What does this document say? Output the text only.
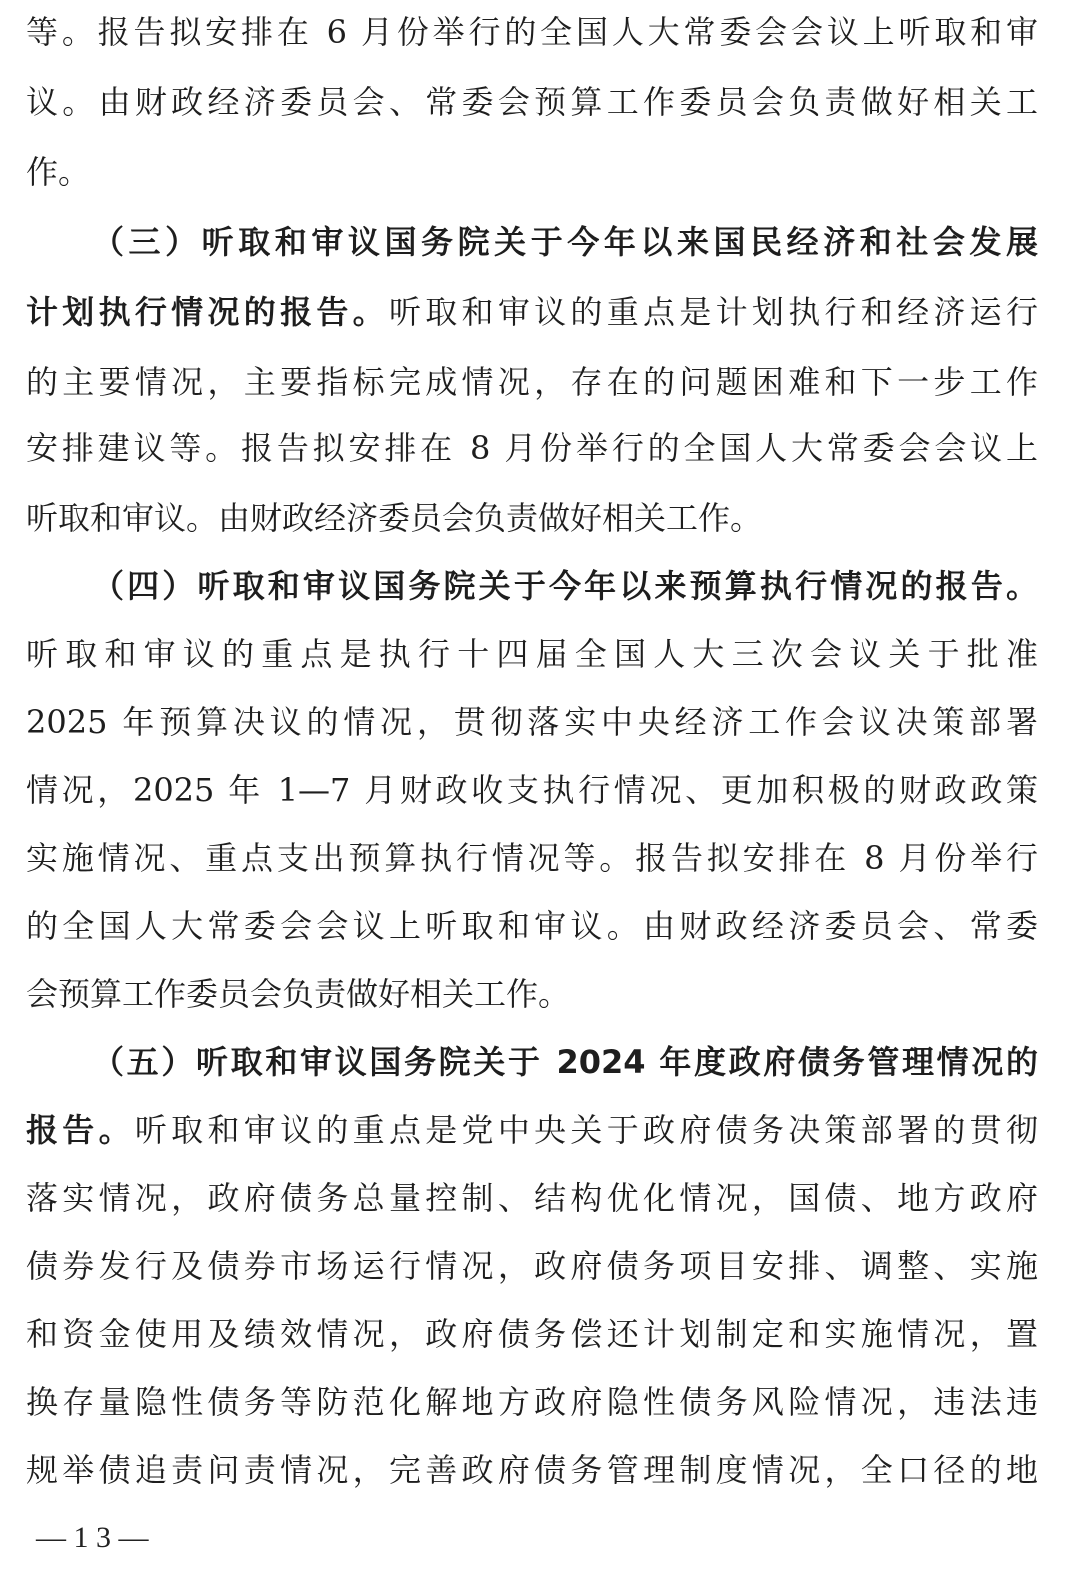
等。报告拟安排在 6 月份举行的全国人大常委会会议上听取和审
议。由财政经济委员会、常委会预算工作委员会负责做好相关工
作。
（三）听取和审议国务院关于今年以来国民经济和社会发展
计划执行情况的报告。听取和审议的重点是计划执行和经济运行
的主要情况，主要指标完成情况，存在的问题困难和下一步工作
安排建议等。报告拟安排在 8 月份举行的全国人大常委会会议上
听取和审议。由财政经济委员会负责做好相关工作。
（四）听取和审议国务院关于今年以来预算执行情况的报告。
听取和审议的重点是执行十四届全国人大三次会议关于批准
2025 年预算决议的情况，贯彻落实中央经济工作会议决策部署
情况，2025 年 1—7 月财政收支执行情况、更加积极的财政政策
实施情况、重点支出预算执行情况等。报告拟安排在 8 月份举行
的全国人大常委会会议上听取和审议。由财政经济委员会、常委
会预算工作委员会负责做好相关工作。
（五）听取和审议国务院关于 2024 年度政府债务管理情况的
报告。听取和审议的重点是党中央关于政府债务决策部署的贯彻
落实情况，政府债务总量控制、结构优化情况，国债、地方政府
债券发行及债券市场运行情况，政府债务项目安排、调整、实施
和资金使用及绩效情况，政府债务偿还计划制定和实施情况，置
换存量隐性债务等防范化解地方政府隐性债务风险情况，违法违
规举债追责问责情况，完善政府债务管理制度情况，全口径的地
— 1 3 —
